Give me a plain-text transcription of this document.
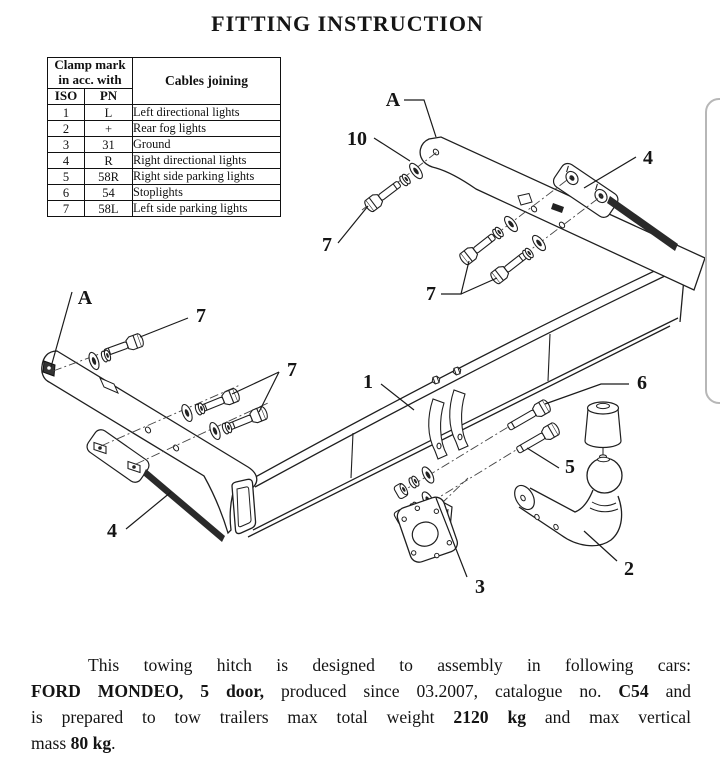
FITTING INSTRUCTION
A
10
4
7
7
A
7
7
1	6
5
4
3
2
Clamp mark
in acc. with		Cables joining
ISO	PN	
1	L	Left directional lights
2	+	Rear fog lights
3	31	Ground
4	R	Right directional lights
5	58R	Right side parking lights
6	54	Stoplights
7	58L	Left side parking lights
This towing hitch is designed to assembly in following cars:
FORD MONDEO, 5 door, produced since 03.2007, catalogue no. C54 and
is prepared to tow trailers max total weight 2120 kg and max vertical
mass 80 kg.
